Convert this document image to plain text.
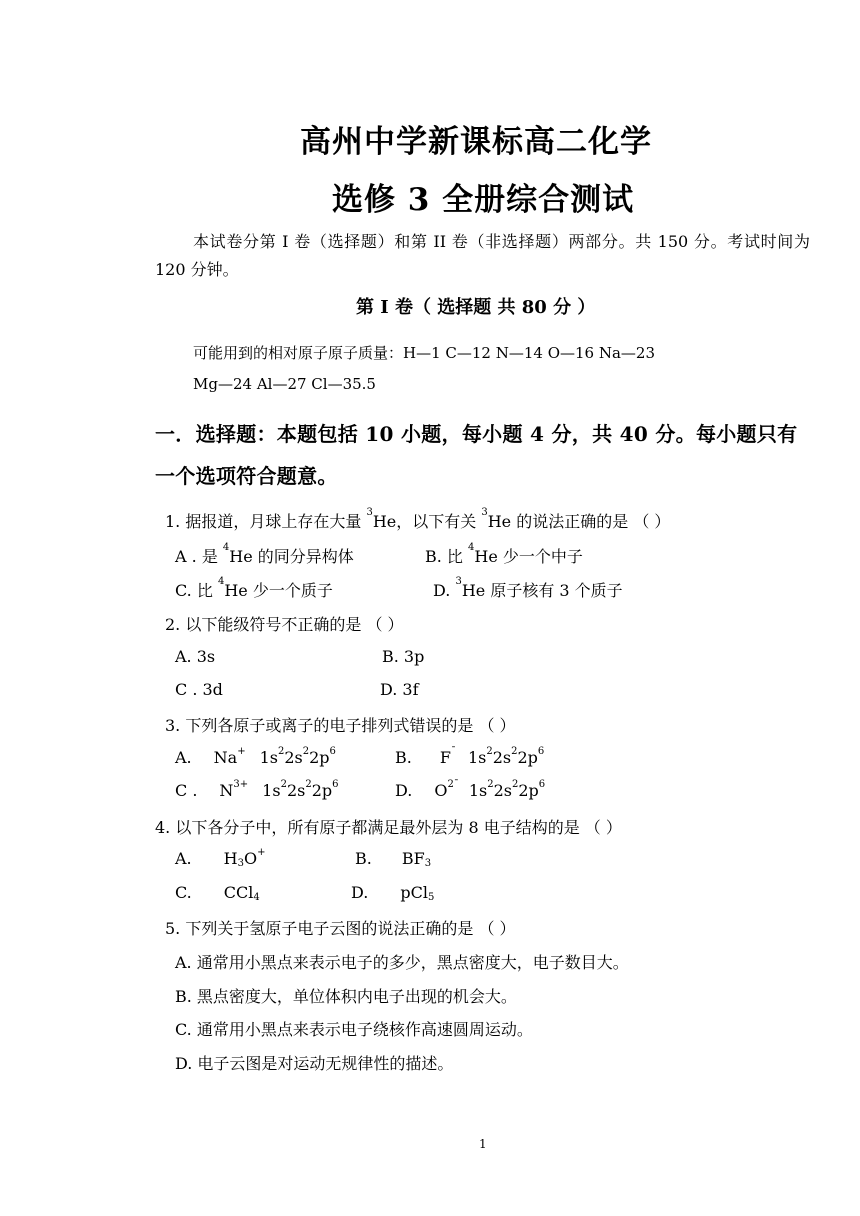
高州中学新课标高二化学
选修 3 全册综合测试
本试卷分第 I 卷（选择题）和第 II 卷（非选择题）两部分。共 150 分。考试时间为 120 分钟。
第 I 卷（ 选择题 共 80 分 ）
可能用到的相对原子原子质量：H—1 C—12 N—14 O—16 Na—23
Mg—24 Al—27 Cl—35.5
一．选择题：本题包括 10 小题，每小题 4 分，共 40 分。每小题只有
一个选项符合题意。
1. 据报道，月球上存在大量 $^3$He，以下有关 $^3$He 的说法正确的是 （ ）
A . 是 $^4$He 的同分异构体	B. 比 $^4$He 少一个中子
C. 比 $^4$He 少一个质子	D. $^3$He 原子核有 3 个质子
2. 以下能级符号不正确的是 （ ）
A. 3s	B. 3p
C . 3d	D. 3f
3. 下列各原子或离子的电子排列式错误的是 （ ）
A. Na+ $1s^22s^22p^6$	B. F¯ $1s^22s^22p^6$
C . $N^{3+}$ $1s^22s^22p^6$	D. $O^{2¯}$ $1s^22s^22p^6$
4. 以下各分子中，所有原子都满足最外层为 8 电子结构的是 （ ）
A. $H_3O^+$	B. $BF_3$
C. CCl$_4$	D. pCl$_5$
5. 下列关于氢原子电子云图的说法正确的是 （ ）
A. 通常用小黑点来表示电子的多少，黑点密度大，电子数目大。
B. 黑点密度大，单位体积内电子出现的机会大。
C. 通常用小黑点来表示电子绕核作高速圆周运动。
D. 电子云图是对运动无规律性的描述。
1
